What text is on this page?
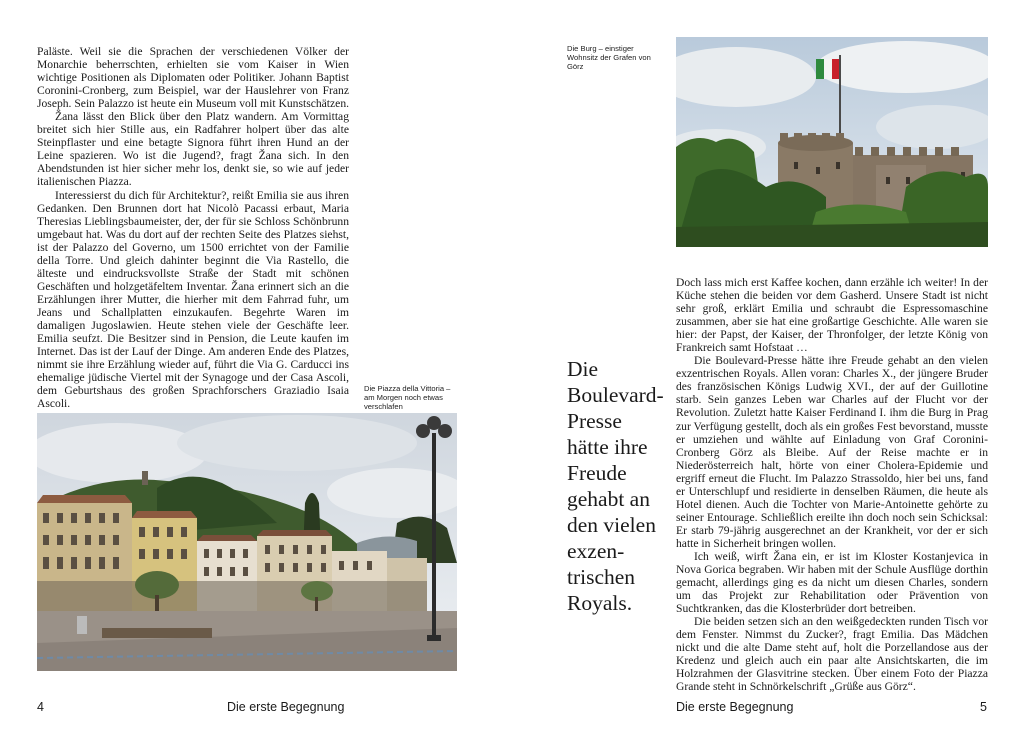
Paläste. Weil sie die Sprachen der verschiedenen Völker der Monarchie beherrschten, erhielten sie vom Kaiser in Wien wichtige Positionen als Diplomaten oder Politiker. Johann Baptist Coronini-Cronberg, zum Beispiel, war der Hauslehrer von Franz Joseph. Sein Palazzo ist heute ein Museum voll mit Kunstschätzen.

Žana lässt den Blick über den Platz wandern. Am Vormittag breitet sich hier Stille aus, ein Radfahrer holpert über das alte Steinpflaster und eine betagte Signora führt ihren Hund an der Leine spazieren. Wo ist die Jugend?, fragt Žana sich. In den Abendstunden ist hier sicher mehr los, denkt sie, so wie auf jeder italienischen Piazza.

Interessierst du dich für Architektur?, reißt Emilia sie aus ihren Gedanken. Den Brunnen dort hat Nicolò Pacassi erbaut, Maria Theresias Lieblingsbaumeister, der, der für sie Schloss Schönbrunn umgebaut hat. Was du dort auf der rechten Seite des Platzes siehst, ist der Palazzo del Governo, um 1500 errichtet von der Familie della Torre. Und gleich dahinter beginnt die Via Rastello, die älteste und eindrucksvollste Straße der Stadt mit schönen Geschäften und holzgetäfeltem Inventar. Žana erinnert sich an die Erzählungen ihrer Mutter, die hierher mit dem Fahrrad fuhr, um Jeans und Schallplatten einzukaufen. Begehrte Waren im damaligen Jugoslawien. Heute stehen viele der Geschäfte leer. Emilia seufzt. Die Besitzer sind in Pension, die Leute kaufen im Internet. Das ist der Lauf der Dinge. Am anderen Ende des Platzes, nimmt sie ihre Erzählung wieder auf, führt die Via G. Carducci ins ehemalige jüdische Viertel mit der Synagoge und der Casa Ascoli, dem Geburtshaus des großen Sprachforschers Graziadio Isaia Ascoli.

Die Piazza della Vittoria – am Morgen noch etwas verschlafen
4	Die erste Begegnung
Die Burg – einstiger Wohnsitz der Grafen von Görz
Die
Boulevard-
Presse
hätte ihre
Freude
gehabt an
den vielen
exzen-
trischen
Royals.

Doch lass mich erst Kaffee kochen, dann erzähle ich weiter! In der Küche stehen die beiden vor dem Gasherd. Unsere Stadt ist nicht sehr groß, erklärt Emilia und schraubt die Espressomaschine zusammen, aber sie hat eine großartige Geschichte. Alle waren sie hier: der Papst, der Kaiser, der Thronfolger, der letzte König von Frankreich samt Hofstaat …

Die Boulevard-Presse hätte ihre Freude gehabt an den vielen exzentrischen Royals. Allen voran: Charles X., der jüngere Bruder des französischen Königs Ludwig XVI., der auf der Guillotine starb. Sein ganzes Leben war Charles auf der Flucht vor der Revolution. Zuletzt hatte Kaiser Ferdinand I. ihm die Burg in Prag zur Verfügung gestellt, doch als ein großes Fest bevorstand, musste er umziehen und wählte auf Einladung von Graf Coronini-Cronberg Görz als Bleibe. Auf der Reise machte er in Niederösterreich halt, hörte von einer Cholera-Epidemie und ergriff erneut die Flucht. Im Palazzo Strassoldo, hier bei uns, fand er Unterschlupf und residierte in denselben Räumen, die heute als Hotel dienen. Auch die Tochter von Marie-Antoinette gehörte zu seiner Entourage. Schließlich ereilte ihn doch noch sein Schicksal: Er starb 79-jährig ausgerechnet an der Krankheit, vor der er sich hatte in Sicherheit bringen wollen.

Ich weiß, wirft Žana ein, er ist im Kloster Kostanjevica in Nova Gorica begraben. Wir haben mit der Schule Ausflüge dorthin gemacht, allerdings ging es da nicht um diesen Charles, sondern um das Projekt zur Rehabilitation oder Prävention von Suchtkranken, das die Klosterbrüder dort betreiben.

Die beiden setzen sich an den weißgedeckten runden Tisch vor dem Fenster. Nimmst du Zucker?, fragt Emilia. Das Mädchen nickt und die alte Dame steht auf, holt die Porzellandose aus der Kredenz und gleich auch ein paar alte Ansichtskarten, die im Holzrahmen der Glasvitrine stecken. Über einem Foto der Piazza Grande steht in Schnörkelschrift „Grüße aus Görz“.

Die erste Begegnung	5
